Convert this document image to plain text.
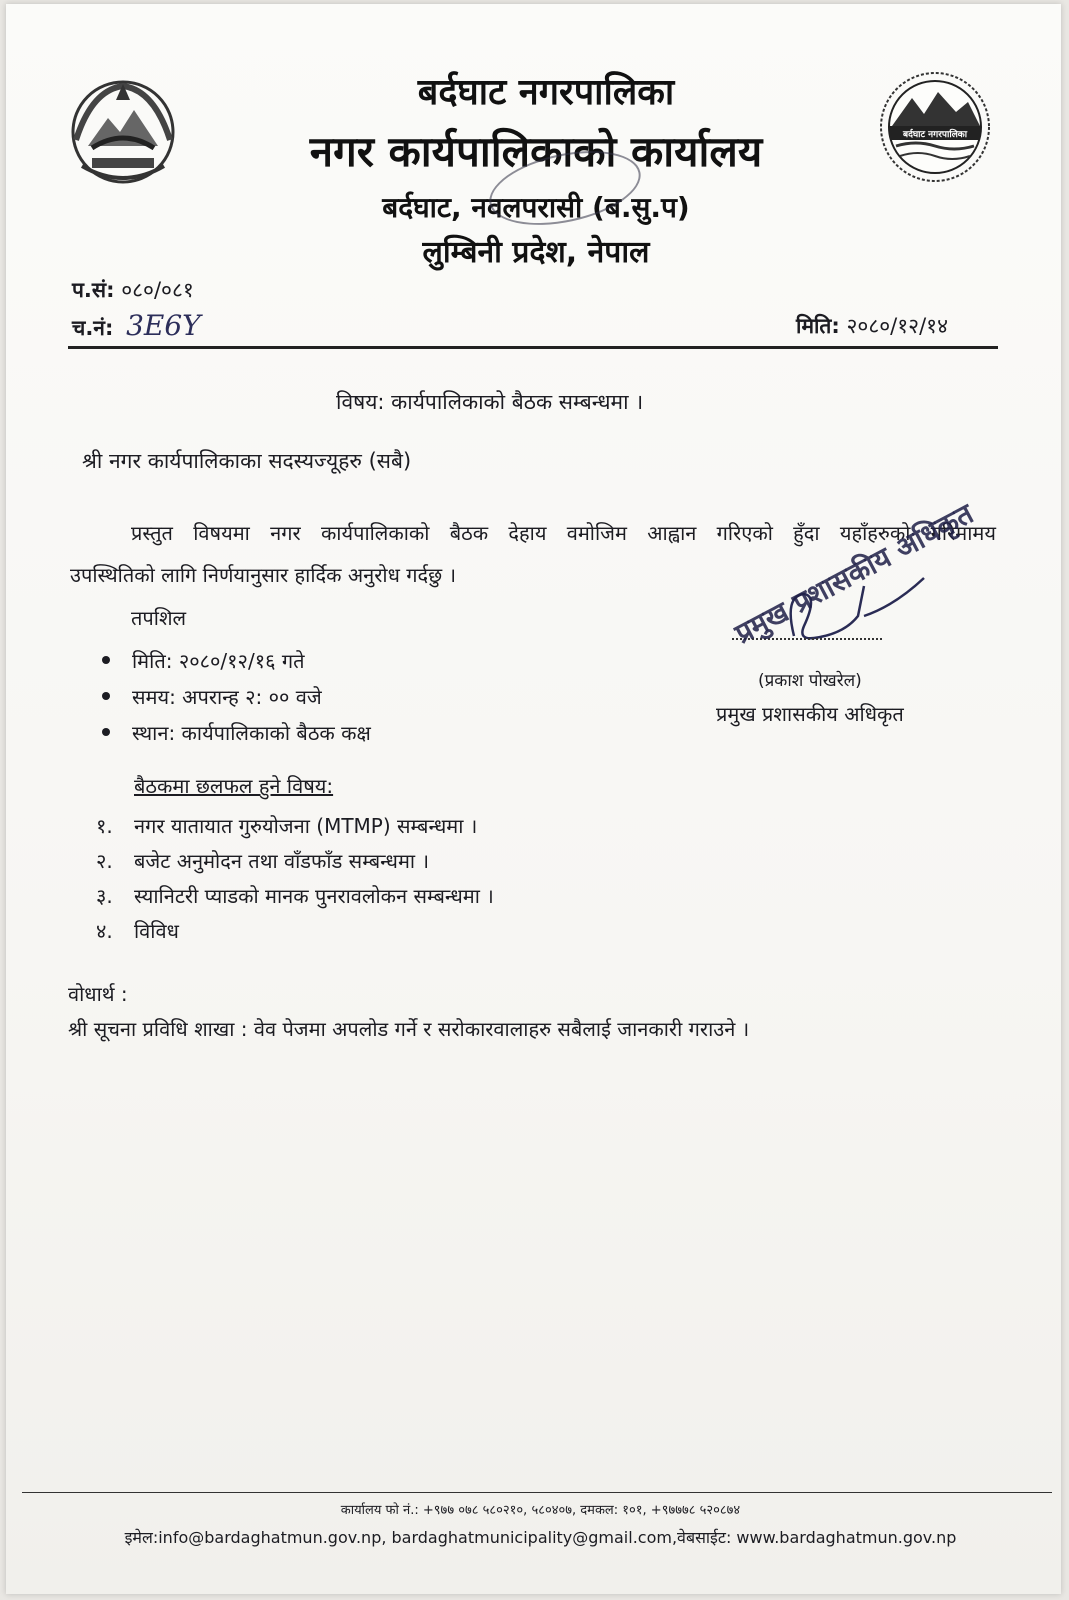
बर्दघाट नगरपालिका
बर्दघाट नगरपालिका
नगर कार्यपालिकाको कार्यालय
बर्दघाट, नवलपरासी (ब.सु.प)
लुम्बिनी प्रदेश, नेपाल
प.सं: ०८०/०८१
च.नं: 3E6Y	मिति: २०८०/१२/१४
विषय: कार्यपालिकाको बैठक सम्बन्धमा ।
श्री नगर कार्यपालिकाका सदस्यज्यूहरु (सबै)
प्रस्तुत विषयमा नगर कार्यपालिकाको बैठक देहाय वमोजिम आह्वान गरिएको हुँदा यहाँहरुको गरिमामय
उपस्थितिको लागि निर्णयानुसार हार्दिक अनुरोध गर्दछु ।
तपशिल
मिति: २०८०/१२/१६ गते
समय: अपरान्ह २: ०० वजे
स्थान: कार्यपालिकाको बैठक कक्ष
बैठकमा छलफल हुने विषय:
१.	नगर यातायात गुरुयोजना (MTMP) सम्बन्धमा ।
२.	बजेट अनुमोदन तथा वाँडफाँड सम्बन्धमा ।
३.	स्यानिटरी प्याडको मानक पुनरावलोकन सम्बन्धमा ।
४.	विविध
वोधार्थ :
श्री सूचना प्रविधि शाखा : वेव पेजमा अपलोड गर्ने र सरोकारवालाहरु सबैलाई जानकारी गराउने ।
प्रमुख प्रशासकीय अधिकृत
(प्रकाश पोखरेल)
प्रमुख प्रशासकीय अधिकृत
कार्यालय फो नं.: +९७७ ०७८ ५८०२१०, ५८०४०७, दमकल: १०१, +९७७७८ ५२०८७४
इमेल:info@bardaghatmun.gov.np, bardaghatmunicipality@gmail.com,वेबसाईट: www.bardaghatmun.gov.np
